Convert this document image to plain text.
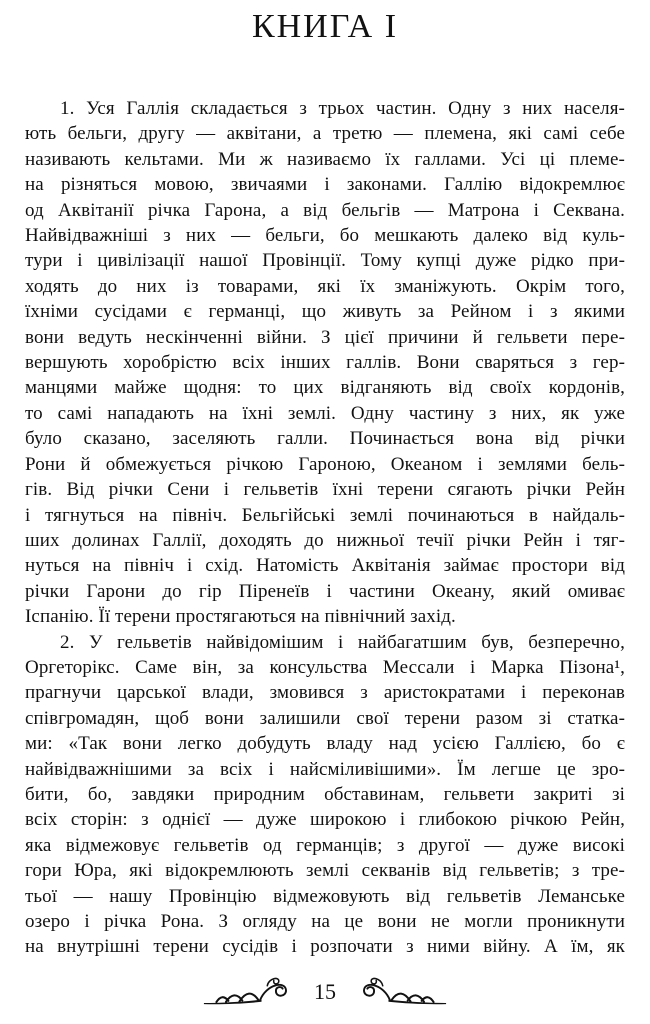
КНИГА I
1. Уся Галлія складається з трьох частин. Одну з них населя-
ють бельги, другу — аквітани, а третю — племена, які самі себе
називають кельтами. Ми ж називаємо їх галлами. Усі ці племе-
на різняться мовою, звичаями і законами. Галлію відокремлює
од Аквітанії річка Гарона, а від бельгів — Матрона і Секвана.
Найвідважніші з них — бельги, бо мешкають далеко від куль-
тури і цивілізації нашої Провінції. Тому купці дуже рідко при-
ходять до них із товарами, які їх зманіжують. Окрім того,
їхніми сусідами є германці, що живуть за Рейном і з якими
вони ведуть нескінченні війни. З цієї причини й гельвети пере-
вершують хоробрістю всіх інших галлів. Вони сваряться з гер-
манцями майже щодня: то цих відганяють від своїх кордонів,
то самі нападають на їхні землі. Одну частину з них, як уже
було сказано, заселяють галли. Починається вона від річки
Рони й обмежується річкою Гароною, Океаном і землями бель-
гів. Від річки Сени і гельветів їхні терени сягають річки Рейн
і тягнуться на північ. Бельгійські землі починаються в найдаль-
ших долинах Галлії, доходять до нижньої течії річки Рейн і тяг-
нуться на північ і схід. Натомість Аквітанія займає простори від
річки Гарони до гір Піренеїв і частини Океану, який омиває
Іспанію. Її терени простягаються на північний захід.
2. У гельветів найвідомішим і найбагатшим був, безперечно,
Оргеторікс. Саме він, за консульства Мессали і Марка Пізона¹,
прагнучи царської влади, змовився з аристократами і переконав
співгромадян, щоб вони залишили свої терени разом зі статка-
ми: «Так вони легко добудуть владу над усією Галлією, бо є
найвідважнішими за всіх і найсміливішими». Їм легше це зро-
бити, бо, завдяки природним обставинам, гельвети закриті зі
всіх сторін: з однієї — дуже широкою і глибокою річкою Рейн,
яка відмежовує гельветів од германців; з другої — дуже високі
гори Юра, які відокремлюють землі секванів від гельветів; з тре-
тьої — нашу Провінцію відмежовують від гельветів Леманське
озеро і річка Рона. З огляду на це вони не могли проникнути
на внутрішні терени сусідів і розпочати з ними війну. А їм, як
15
